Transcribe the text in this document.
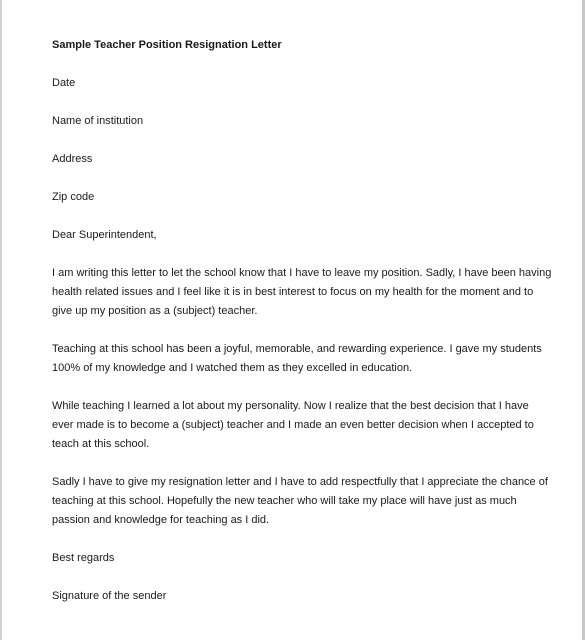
Sample Teacher Position Resignation Letter

Date

Name of institution

Address

Zip code

Dear Superintendent,

I am writing this letter to let the school know that I have to leave my position. Sadly, I have been having health related issues and I feel like it is in best interest to focus on my health for the moment and to give up my position as a (subject) teacher.

Teaching at this school has been a joyful, memorable, and rewarding experience. I gave my students 100% of my knowledge and I watched them as they excelled in education.

While teaching I learned a lot about my personality. Now I realize that the best decision that I have ever made is to become a (subject) teacher and I made an even better decision when I accepted to teach at this school.

Sadly I have to give my resignation letter and I have to add respectfully that I appreciate the chance of teaching at this school. Hopefully the new teacher who will take my place will have just as much passion and knowledge for teaching as I did.

Best regards

Signature of the sender
